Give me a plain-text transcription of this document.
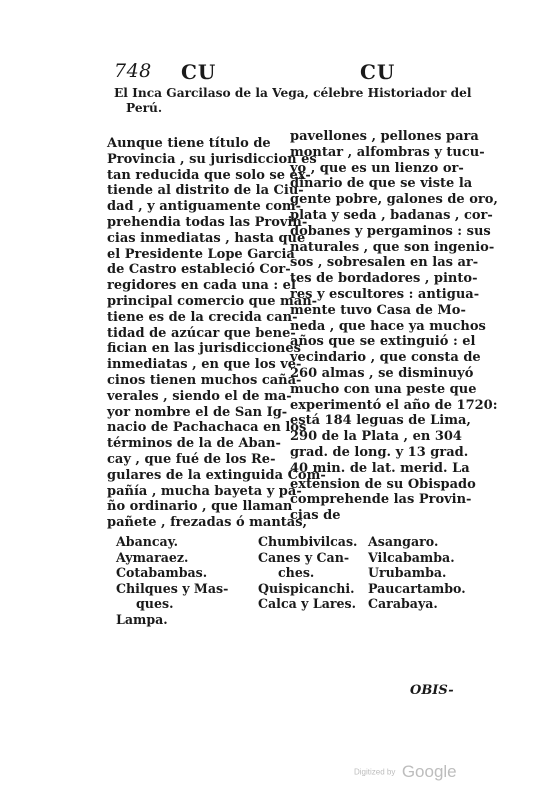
748 CU	CU
El Inca Garcilaso de la Vega, célebre Historiador del
Perú.
Aunque tiene título de
Provincia , su jurisdiccion es
tan reducida que solo se ex-
tiende al distrito de la Ciu-
dad , y antiguamente com-
prehendia todas las Provin-
cias inmediatas , hasta que
el Presidente Lope Garcia
de Castro estableció Cor-
regidores en cada una : el
principal comercio que man-
tiene es de la crecida can-
tidad de azúcar que bene-
fician en las jurisdicciones
inmediatas , en que los ve-
cinos tienen muchos caña-
verales , siendo el de ma-
yor nombre el de San Ig-
nacio de Pachachaca en los
términos de la de Aban-
cay , que fué de los Re-
gulares de la extinguida Com-
pañía , mucha bayeta y pa-
ño ordinario , que llaman
pañete , frezadas ó mantas,
pavellones , pellones para
montar , alfombras y tucu-
yo , que es un lienzo or-
dinario de que se viste la
gente pobre, galones de oro,
plata y seda , badanas , cor-
dobanes y pergaminos : sus
naturales , que son ingenio-
sos , sobresalen en las ar-
tes de bordadores , pinto-
res y escultores : antigua-
mente tuvo Casa de Mo-
neda , que hace ya muchos
años que se extinguió : el
vecindario , que consta de
260 almas , se disminuyó
mucho con una peste que
experimentó el año de 1720:
está 184 leguas de Lima,
290 de la Plata , en 304
grad. de long. y 13 grad.
40 min. de lat. merid. La
extension de su Obispado
comprehende las Provin-
cias de
Abancay.
Aymaraez.
Cotabambas.
Chilques y Mas-
ques.
Lampa.
Chumbivilcas.
Canes y Can-
ches.
Quispicanchi.
Calca y Lares.
Asangaro.
Vilcabamba.
Urubamba.
Paucartambo.
Carabaya.
OBIS-
Digitized by Google
